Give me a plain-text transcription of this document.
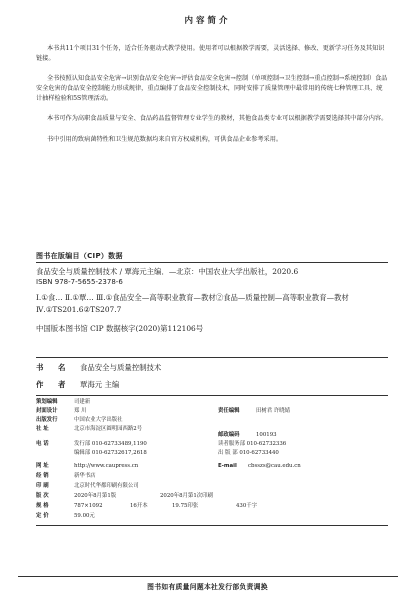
内容简介
本书共11个项目31个任务，适合任务驱动式教学使用。使用者可以根据教学需要，灵活选择、修改、更新学习任务及其知识链接。
全书按照认知食品安全危害→识别食品安全危害→评估食品安全危害→控制（单项控制→卫生控制→重点控制→系统控制）食品安全危害的食品安全控制能力形成规律，重点编排了食品安全控制技术，同时安排了质量管理中最常用的传统七种管理工具、统计抽样检验和5S管理活动。
本书可作为高职食品质量与安全、食品药品监督管理专业学生的教材，其他食品类专业可以根据教学需要选择其中部分内容。
书中引用的致病菌特性和卫生规范数据均来自官方权威机构，可供食品企业参考采用。
图书在版编目（CIP）数据
食品安全与质量控制技术 / 覃海元主编．—北京：中国农业大学出版社，2020.6
ISBN 978-7-5655-2378-6
Ⅰ.①食… Ⅱ.①覃… Ⅲ.①食品安全—高等职业教育—教材②食品—质量控制—高等职业教育—教材 Ⅳ.①TS201.6②TS207.7
中国版本图书馆 CIP 数据核字(2020)第112106号
书 名 食品安全与质量控制技术
作 者 覃海元 主编
策划编辑	司建新
封面设计	郑 川	责任编辑	田树君 许晓婧
出版发行	中国农业大学出版社
社 址	北京市海淀区圆明园西路2号
邮政编码	100193
电 话	发行部 010-62733489,1190	读者服务部 010-62732336
编辑部 010-62732617,2618	出 版 部 010-62733440
网 址	http://www.caupress.cn	E-mail cbsszs@cau.edu.cn
经 销	新华书店
印 刷	北京时代华都印刷有限公司
版 次	2020年8月第1版	2020年8月第1次印刷
规 格	787×1092	16开本	19.75印张	430千字
定 价	59.00元
图书如有质量问题本社发行部负责调换
